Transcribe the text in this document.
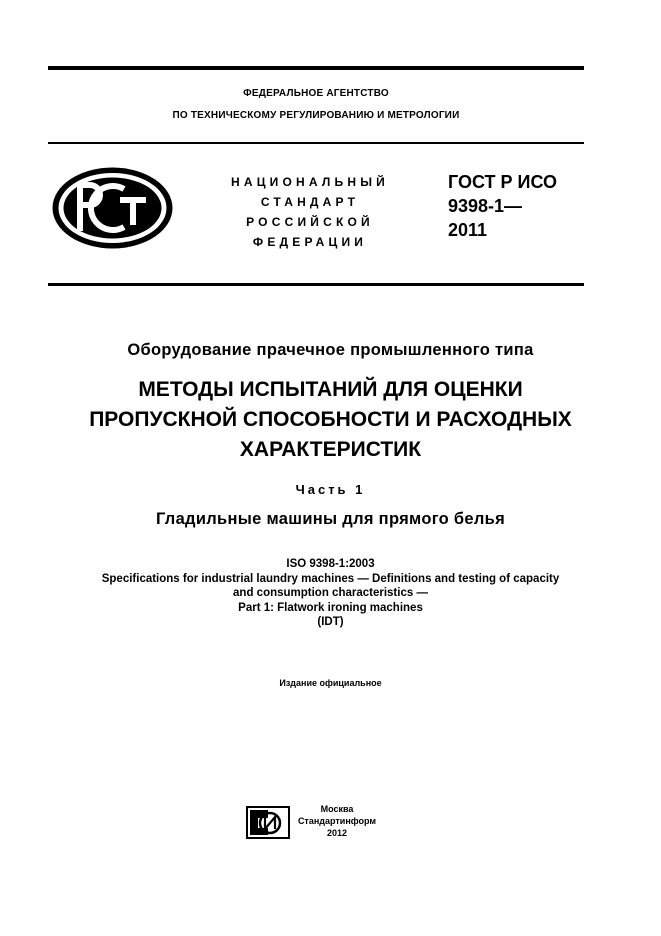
ФЕДЕРАЛЬНОЕ АГЕНТСТВО
ПО ТЕХНИЧЕСКОМУ РЕГУЛИРОВАНИЮ И МЕТРОЛОГИИ
НАЦИОНАЛЬНЫЙ
СТАНДАРТ
РОССИЙСКОЙ
ФЕДЕРАЦИИ
ГОСТ Р ИСО
9398-1—
2011
Оборудование прачечное промышленного типа
МЕТОДЫ ИСПЫТАНИЙ ДЛЯ ОЦЕНКИ
ПРОПУСКНОЙ СПОСОБНОСТИ И РАСХОДНЫХ
ХАРАКТЕРИСТИК
Часть 1
Гладильные машины для прямого белья
ISO 9398-1:2003
Specifications for industrial laundry machines — Definitions and testing of capacity
and consumption characteristics —
Part 1: Flatwork ironing machines
(IDT)
Издание официальное
Москва
Стандартинформ
2012
